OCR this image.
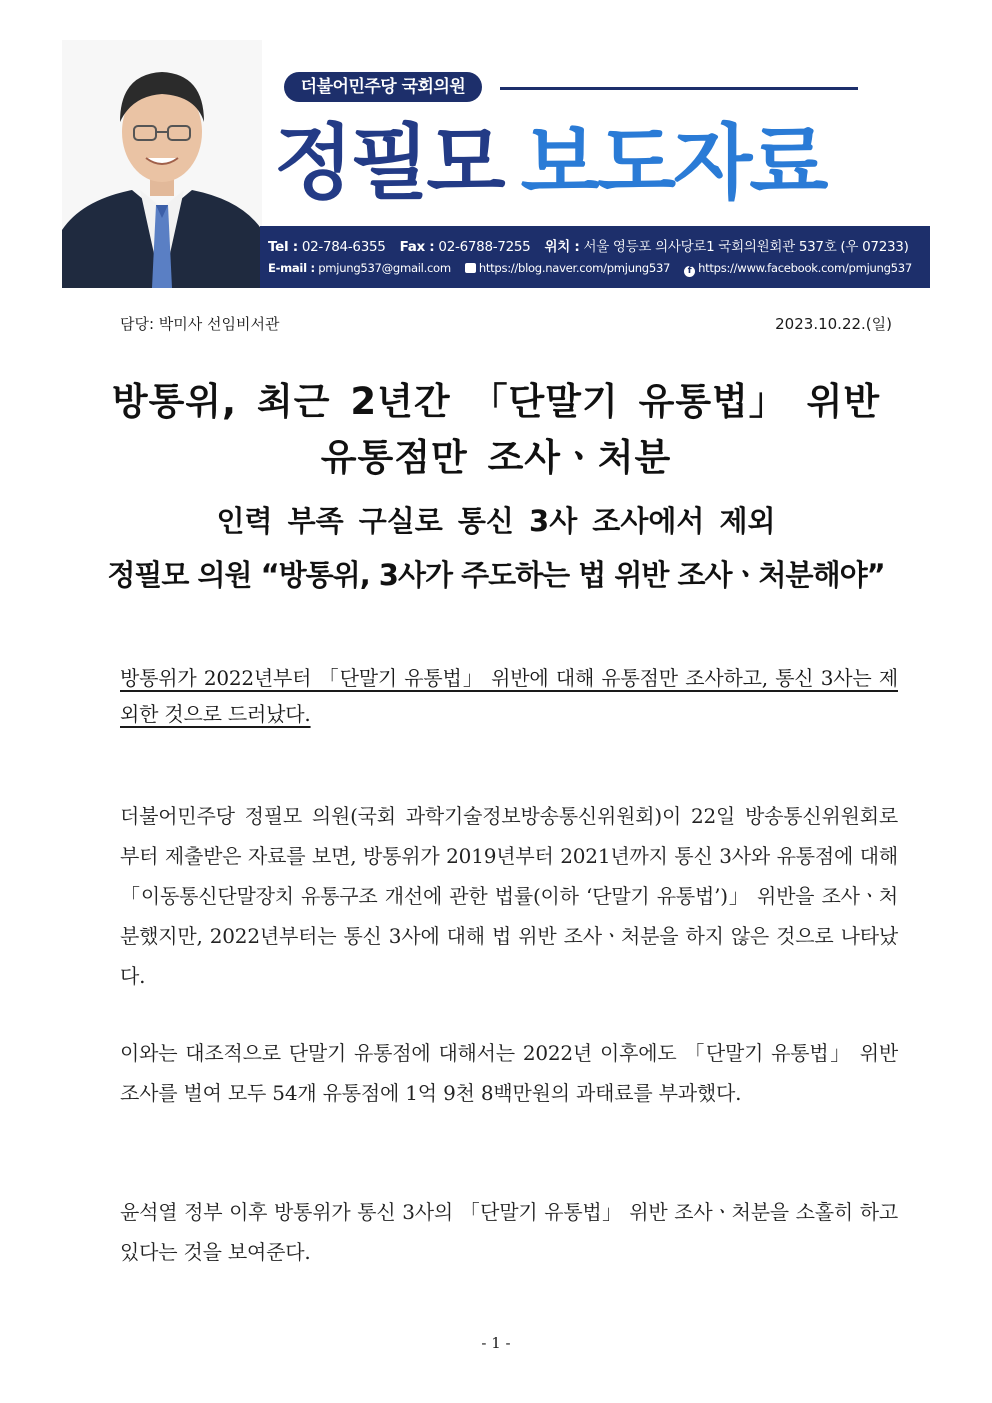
더불어민주당 국회의원
정필모 보도자료
Tel : 02-784-6355 Fax : 02-6788-7255 위치 : 서울 영등포 의사당로1 국회의원회관 537호 (우 07233)
E-mail : pmjung537@gmail.com https://blog.naver.com/pmjung537 f https://www.facebook.com/pmjung537
담당: 박미사 선임비서관	2023.10.22.(일)
방통위, 최근 2년간 「단말기 유통법」 위반
유통점만 조사ㆍ처분
인력 부족 구실로 통신 3사 조사에서 제외
정필모 의원 “방통위, 3사가 주도하는 법 위반 조사ㆍ처분해야”
방통위가 2022년부터 「단말기 유통법」 위반에 대해 유통점만 조사하고, 통신 3사는 제외한 것으로 드러났다.
더불어민주당 정필모 의원(국회 과학기술정보방송통신위원회)이 22일 방송통신위원회로부터 제출받은 자료를 보면, 방통위가 2019년부터 2021년까지 통신 3사와 유통점에 대해 「이동통신단말장치 유통구조 개선에 관한 법률(이하 ‘단말기 유통법’)」 위반을 조사ㆍ처분했지만, 2022년부터는 통신 3사에 대해 법 위반 조사ㆍ처분을 하지 않은 것으로 나타났다.
이와는 대조적으로 단말기 유통점에 대해서는 2022년 이후에도 「단말기 유통법」 위반 조사를 벌여 모두 54개 유통점에 1억 9천 8백만원의 과태료를 부과했다.
윤석열 정부 이후 방통위가 통신 3사의 「단말기 유통법」 위반 조사ㆍ처분을 소홀히 하고 있다는 것을 보여준다.
- 1 -
